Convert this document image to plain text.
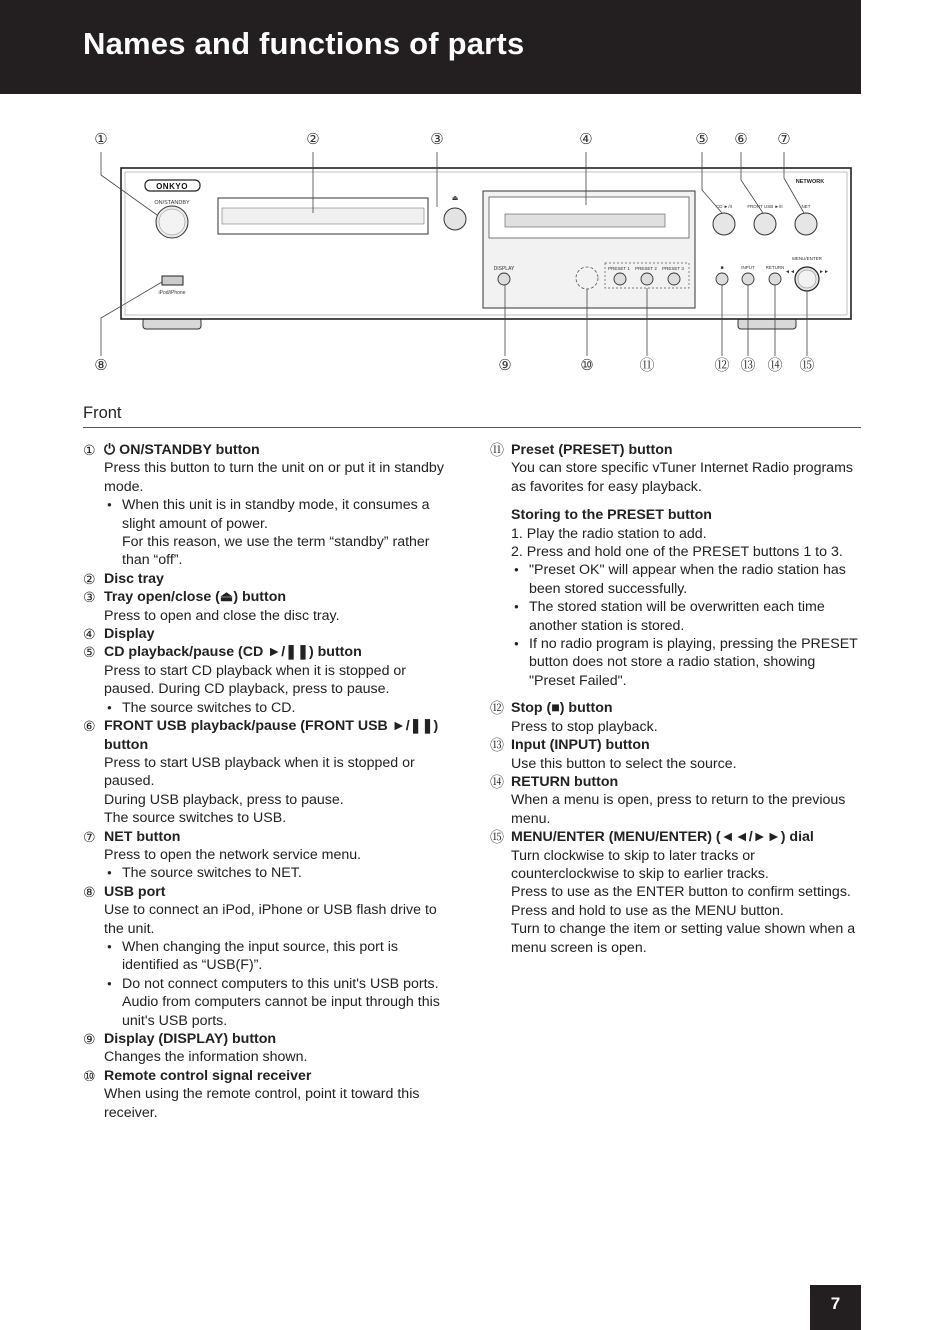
Names and functions of parts
①	②	③	④	⑤ ⑥ ⑦
⑧	⑨	⑩	⑪	⑫ ⑬ ⑭ ⑮
ONKYO	NETWORK
ON/STANDBY
⏏
DISPLAY	PRESET 1 PRESET 2 PRESET 3
CD ►/II	FRONT USB ►/II	NET
■	INPUT RETURN
MENU/ENTER
◄◄	►►
iPod/iPhone
Front
① ⏻ ON/STANDBY button
Press this button to turn the unit on or put it in standby mode.
● When this unit is in standby mode, it consumes a slight amount of power.
For this reason, we use the term “standby” rather than “off”.
② Disc tray
③ Tray open/close (⏏) button
Press to open and close the disc tray.
④ Display
⑤ CD playback/pause (CD ►/❚❚) button
Press to start CD playback when it is stopped or paused. During CD playback, press to pause.
● The source switches to CD.
⑥ FRONT USB playback/pause (FRONT USB ►/❚❚) button
Press to start USB playback when it is stopped or paused.
During USB playback, press to pause.
The source switches to USB.
⑦ NET button
Press to open the network service menu.
● The source switches to NET.
⑧ USB port
Use to connect an iPod, iPhone or USB flash drive to the unit.
● When changing the input source, this port is identified as “USB(F)”.
● Do not connect computers to this unit's USB ports. Audio from computers cannot be input through this unit's USB ports.
⑨ Display (DISPLAY) button
Changes the information shown.
⑩ Remote control signal receiver
When using the remote control, point it toward this receiver.
⑪ Preset (PRESET) button
You can store specific vTuner Internet Radio programs as favorites for easy playback.
Storing to the PRESET button
1. Play the radio station to add.
2. Press and hold one of the PRESET buttons 1 to 3.
● "Preset OK" will appear when the radio station has been stored successfully.
● The stored station will be overwritten each time another station is stored.
● If no radio program is playing, pressing the PRESET button does not store a radio station, showing "Preset Failed".
⑫ Stop (■) button
Press to stop playback.
⑬ Input (INPUT) button
Use this button to select the source.
⑭ RETURN button
When a menu is open, press to return to the previous menu.
⑮ MENU/ENTER (MENU/ENTER) (◄◄/►►) dial
Turn clockwise to skip to later tracks or counterclockwise to skip to earlier tracks.
Press to use as the ENTER button to confirm settings.
Press and hold to use as the MENU button.
Turn to change the item or setting value shown when a menu screen is open.
7
